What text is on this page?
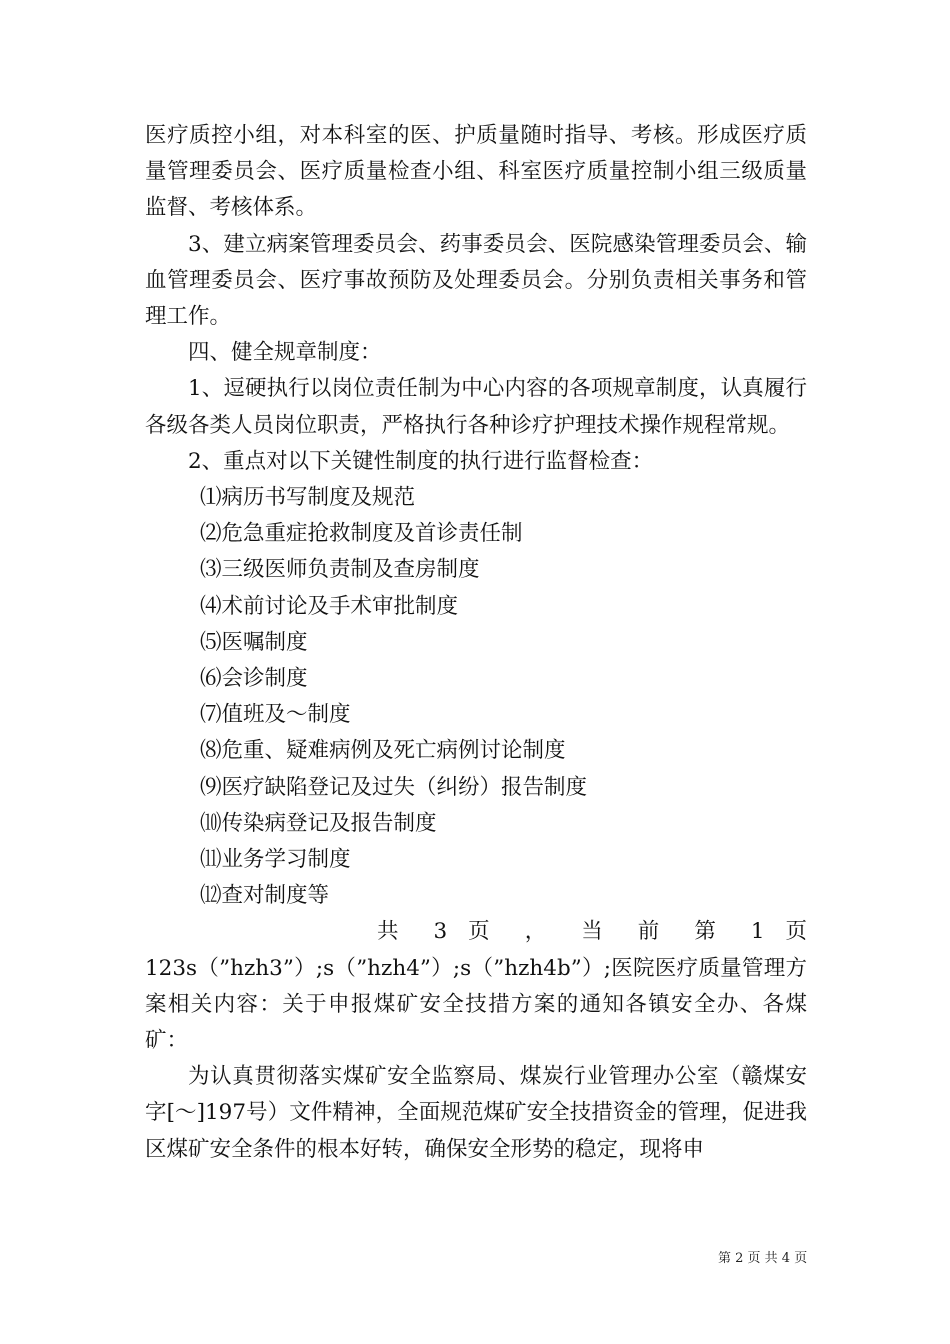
医疗质控小组，对本科室的医、护质量随时指导、考核。形成医疗质量管理委员会、医疗质量检查小组、科室医疗质量控制小组三级质量监督、考核体系。

3、建立病案管理委员会、药事委员会、医院感染管理委员会、输血管理委员会、医疗事故预防及处理委员会。分别负责相关事务和管理工作。

四、健全规章制度：

1、逗硬执行以岗位责任制为中心内容的各项规章制度，认真履行各级各类人员岗位职责，严格执行各种诊疗护理技术操作规程常规。

2、重点对以下关键性制度的执行进行监督检查：

⑴病历书写制度及规范

⑵危急重症抢救制度及首诊责任制

⑶三级医师负责制及查房制度

⑷术前讨论及手术审批制度

⑸医嘱制度

⑹会诊制度

⑺值班及～制度

⑻危重、疑难病例及死亡病例讨论制度

⑼医疗缺陷登记及过失（纠纷）报告制度

⑽传染病登记及报告制度

⑾业务学习制度

⑿查对制度等

共 3 页 ， 当 前 第 1 页

123s（”hzh3”）;s（”hzh4”）;s（”hzh4b”）;医院医疗质量管理方案相关内容：关于申报煤矿安全技措方案的通知各镇安全办、各煤矿：

为认真贯彻落实煤矿安全监察局、煤炭行业管理办公室（赣煤安字[～]197号）文件精神，全面规范煤矿安全技措资金的管理，促进我区煤矿安全条件的根本好转，确保安全形势的稳定，现将申

第 2 页 共 4 页
